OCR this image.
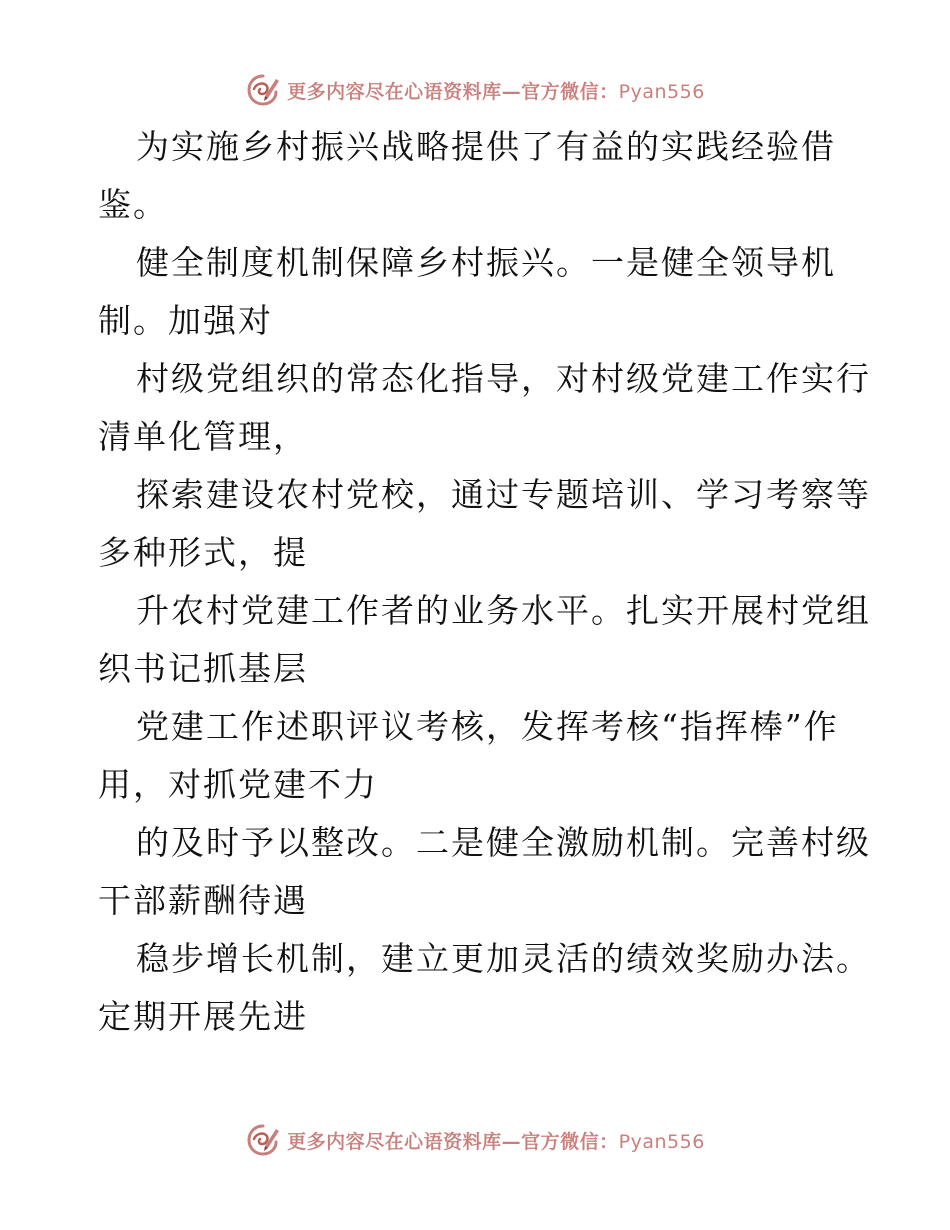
更多内容尽在心语资料库—官方微信：Pyan556
为实施乡村振兴战略提供了有益的实践经验借
鉴。
健全制度机制保障乡村振兴。一是健全领导机
制。加强对
村级党组织的常态化指导，对村级党建工作实行
清单化管理，
探索建设农村党校，通过专题培训、学习考察等
多种形式，提
升农村党建工作者的业务水平。扎实开展村党组
织书记抓基层
党建工作述职评议考核，发挥考核“指挥棒”作
用，对抓党建不力
的及时予以整改。二是健全激励机制。完善村级
干部薪酬待遇
稳步增长机制，建立更加灵活的绩效奖励办法。
定期开展先进
更多内容尽在心语资料库—官方微信：Pyan556
